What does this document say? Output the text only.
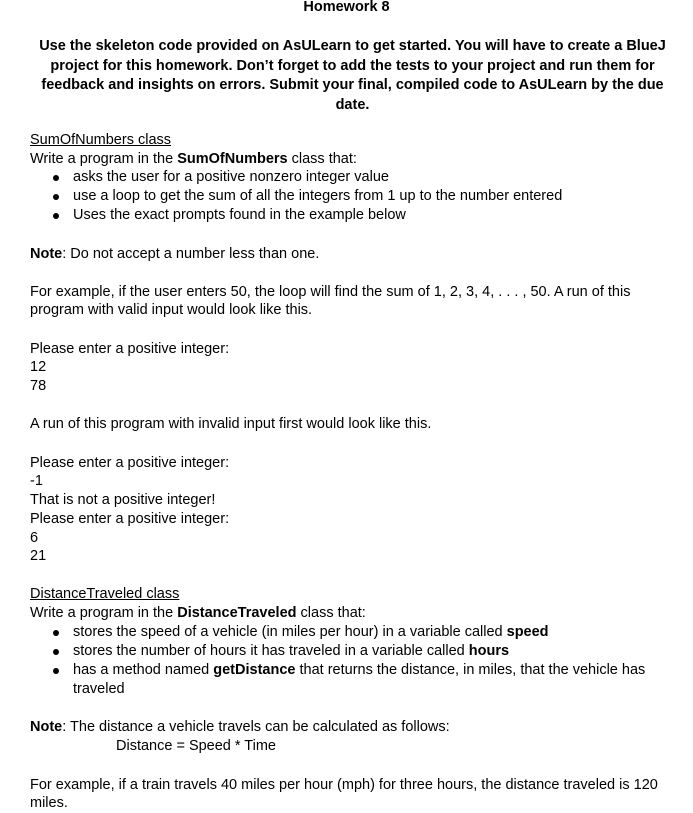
Homework 8
Use the skeleton code provided on AsULearn to get started. You will have to create a BlueJ project for this homework. Don’t forget to add the tests to your project and run them for feedback and insights on errors. Submit your final, compiled code to AsULearn by the due date.
SumOfNumbers class
Write a program in the SumOfNumbers class that:
asks the user for a positive nonzero integer value
use a loop to get the sum of all the integers from 1 up to the number entered
Uses the exact prompts found in the example below
Note: Do not accept a number less than one.
For example, if the user enters 50, the loop will find the sum of 1, 2, 3, 4, . . . , 50. A run of this
program with valid input would look like this.
Please enter a positive integer:
12
78
A run of this program with invalid input first would look like this.
Please enter a positive integer:
-1
That is not a positive integer!
Please enter a positive integer:
6
21
DistanceTraveled class
Write a program in the DistanceTraveled class that:
stores the speed of a vehicle (in miles per hour) in a variable called speed
stores the number of hours it has traveled in a variable called hours
has a method named getDistance that returns the distance, in miles, that the vehicle has
traveled
Note: The distance a vehicle travels can be calculated as follows:
Distance = Speed * Time
For example, if a train travels 40 miles per hour (mph) for three hours, the distance traveled is 120
miles.
